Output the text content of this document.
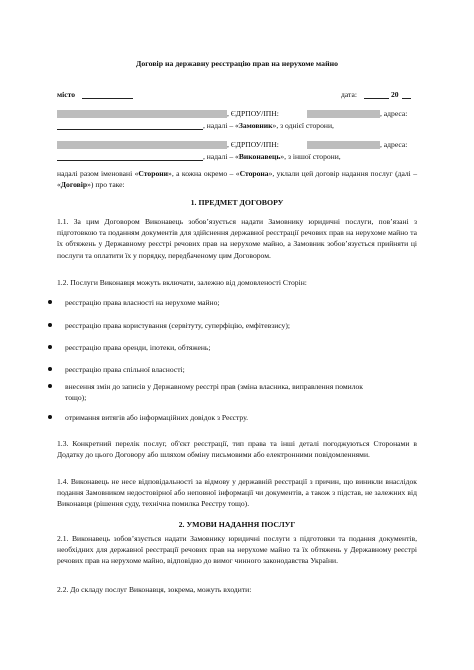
Договір на державну реєстрацію прав на нерухоме майно
місто	дата:	20
, ЄДРПОУ/ІПН:	, адреса:
, надалі – «Замовник», з однієї сторони,
, ЄДРПОУ/ІПН:	, адреса:
, надалі – «Виконавець», з іншої сторони,
надалі разом іменовані «Сторони», а кожна окремо – «Сторона», уклали цей договір надання послуг (далі – «Договір») про таке:
1. ПРЕДМЕТ ДОГОВОРУ
1.1. За цим Договором Виконавець зобов’язується надати Замовнику юридичні послуги, пов’язані з підготовкою та поданням документів для здійснення державної реєстрації речових прав на нерухоме майно та їх обтяжень у Державному реєстрі речових прав на нерухоме майно, а Замовник зобов’язується прийняти ці послуги та оплатити їх у порядку, передбаченому цим Договором.
1.2. Послуги Виконавця можуть включати, залежно від домовленості Сторін:
реєстрацію права власності на нерухоме майно;
реєстрацію права користування (сервітуту, суперфіцію, емфітевзису);
реєстрацію права оренди, іпотеки, обтяжень;
реєстрацію права спільної власності;
внесення змін до записів у Державному реєстрі прав (зміна власника, виправлення помилок тощо);
отримання витягів або інформаційних довідок з Реєстру.
1.3. Конкретний перелік послуг, об'єкт реєстрації, тип права та інші деталі погоджуються Сторонами в Додатку до цього Договору або шляхом обміну письмовими або електронними повідомленнями.
1.4. Виконавець не несе відповідальності за відмову у державній реєстрації з причин, що виникли внаслідок подання Замовником недостовірної або неповної інформації чи документів, а також з підстав, не залежних від Виконавця (рішення суду, технічна помилка Реєстру тощо).
2. УМОВИ НАДАННЯ ПОСЛУГ
2.1. Виконавець зобов’язується надати Замовнику юридичні послуги з підготовки та подання документів, необхідних для державної реєстрації речових прав на нерухоме майно та їх обтяжень у Державному реєстрі речових прав на нерухоме майно, відповідно до вимог чинного законодавства України.
2.2. До складу послуг Виконавця, зокрема, можуть входити:
